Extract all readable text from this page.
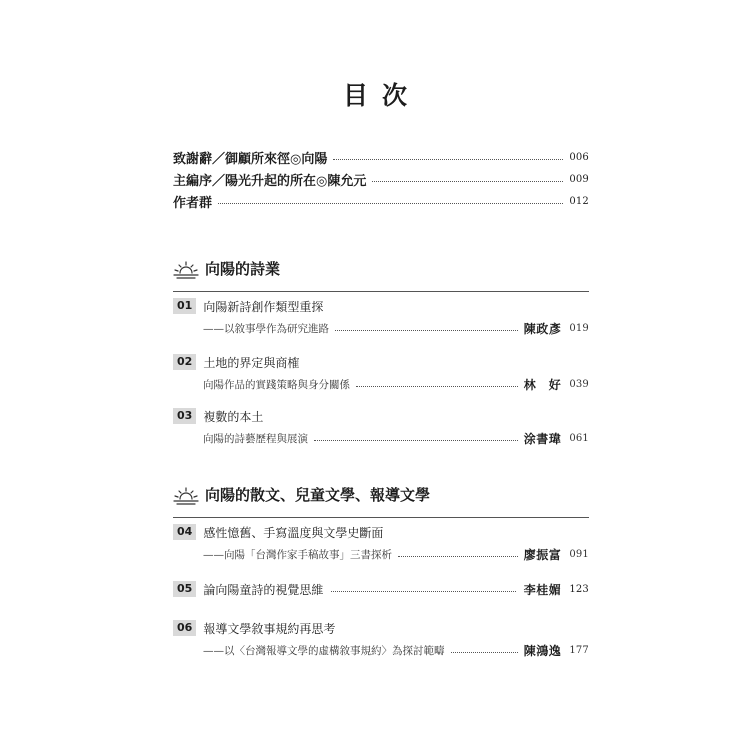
目次
致謝辭／御顧所來徑◎向陽	006
主編序／陽光升起的所在◎陳允元	009
作者群	012
向陽的詩業
01 向陽新詩創作類型重探
——以敘事學作為研究進路	陳政彥 019
02 土地的界定與商榷
向陽作品的實踐策略與身分關係	林　好 039
03 複數的本土
向陽的詩藝歷程與展演	涂書瑋 061
向陽的散文、兒童文學、報導文學
04 感性憶舊、手寫溫度與文學史斷面
——向陽「台灣作家手稿故事」三書探析	廖振富 091
05 論向陽童詩的視覺思維	李桂媚 123
06 報導文學敘事規約再思考
——以〈台灣報導文學的虛構敘事規約〉為探討範疇	陳鴻逸 177
